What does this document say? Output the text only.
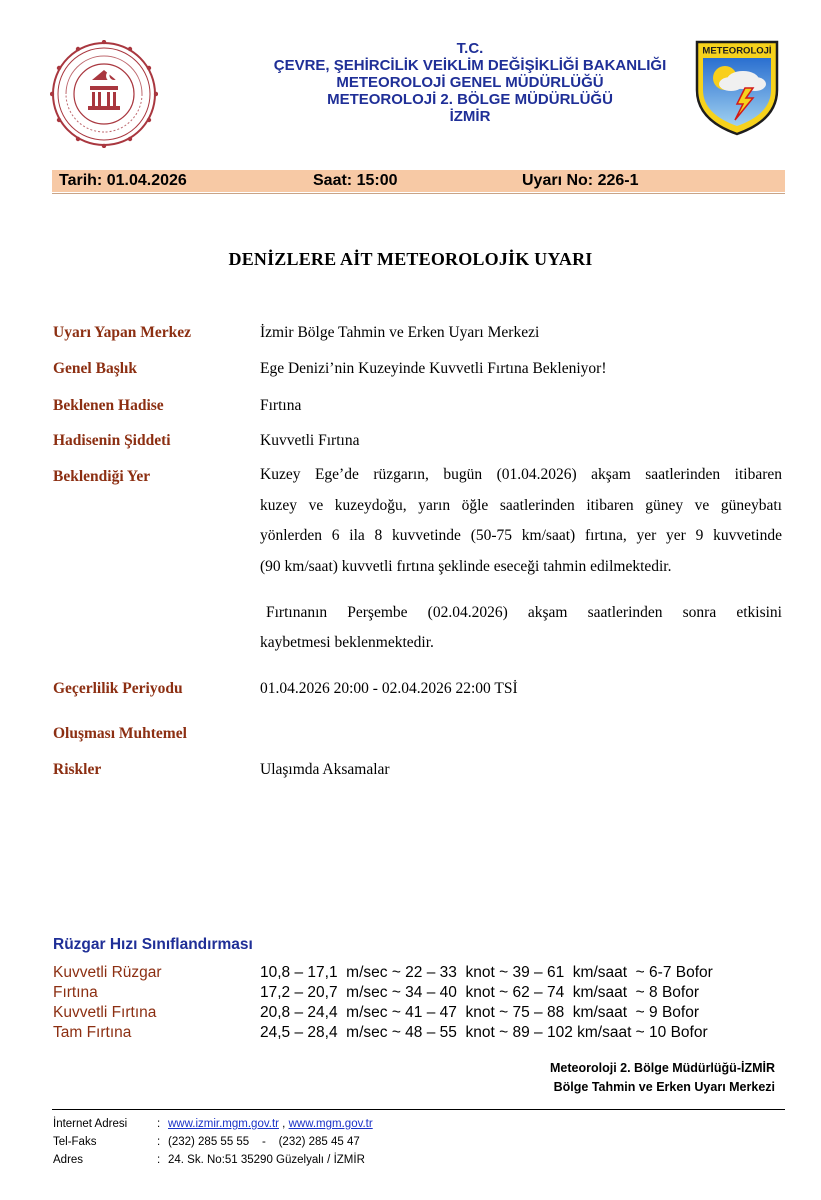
T.C.
ÇEVRE, ŞEHİRCİLİK VEİKLİM DEĞİŞİKLİĞİ BAKANLIĞI
METEOROLOJİ GENEL MÜDÜRLÜĞÜ
METEOROLOJİ 2. BÖLGE MÜDÜRLÜĞÜ
İZMİR
METEOROLOJİ
Tarih: 01.04.2026	Saat: 15:00	Uyarı No: 226-1
DENİZLERE AİT METEOROLOJİK UYARI
Uyarı Yapan Merkez	İzmir Bölge Tahmin ve Erken Uyarı Merkezi
Genel Başlık	Ege Denizi’nin Kuzeyinde Kuvvetli Fırtına Bekleniyor!
Beklenen Hadise	Fırtına
Hadisenin Şiddeti	Kuvvetli Fırtına
Beklendiği Yer	Kuzey Ege’de rüzgarın, bugün (01.04.2026) akşam saatlerinden itibaren
kuzey ve kuzeydoğu, yarın öğle saatlerinden itibaren güney ve güneybatı
yönlerden 6 ila 8 kuvvetinde (50-75 km/saat) fırtına, yer yer 9 kuvvetinde
(90 km/saat) kuvvetli fırtına şeklinde eseceği tahmin edilmektedir.
Fırtınanın Perşembe (02.04.2026) akşam saatlerinden sonra etkisini
kaybetmesi beklenmektedir.
Geçerlilik Periyodu	01.04.2026 20:00 - 02.04.2026 22:00 TSİ
Oluşması Muhtemel
Riskler	Ulaşımda Aksamalar
Rüzgar Hızı Sınıflandırması
Kuvvetli Rüzgar	10,8 – 17,1  m/sec ~ 22 – 33  knot ~ 39 – 61  km/saat  ~ 6-7 Bofor
Fırtına	17,2 – 20,7  m/sec ~ 34 – 40  knot ~ 62 – 74  km/saat  ~ 8 Bofor
Kuvvetli Fırtına	20,8 – 24,4  m/sec ~ 41 – 47  knot ~ 75 – 88  km/saat  ~ 9 Bofor
Tam Fırtına	24,5 – 28,4  m/sec ~ 48 – 55  knot ~ 89 – 102 km/saat ~ 10 Bofor
Meteoroloji 2. Bölge Müdürlüğü-İZMİR
Bölge Tahmin ve Erken Uyarı Merkezi
İnternet Adresi	: www.izmir.mgm.gov.tr , www.mgm.gov.tr
Tel-Faks	: (232) 285 55 55    -    (232) 285 45 47
Adres	: 24. Sk. No:51 35290 Güzelyalı / İZMİR
